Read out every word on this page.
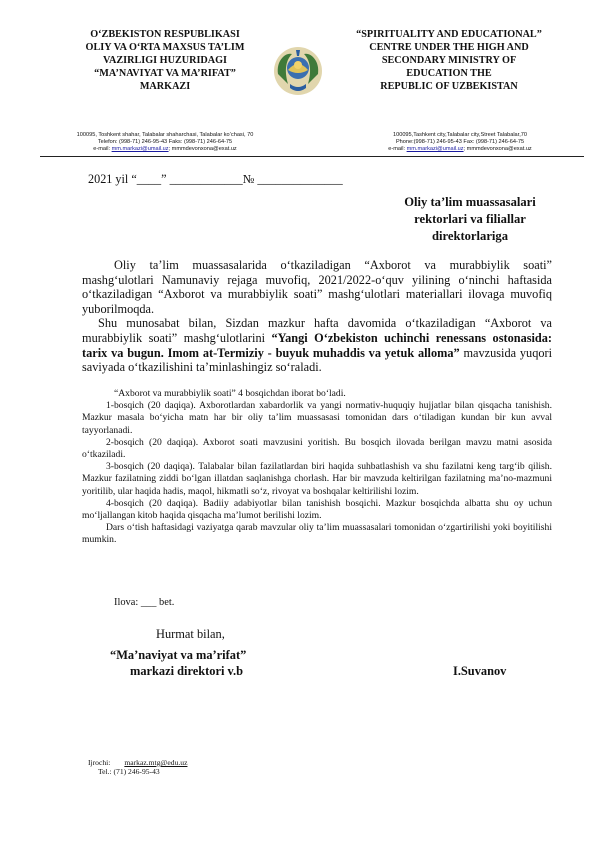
O‘ZBEKISTON RESPUBLIKASI
OLIY VA O‘RTA MAXSUS TA’LIM
VAZIRLIGI HUZURIDAGI
“MA’NAVIYAT VA MA’RIFAT”
MARKAZI
“SPIRITUALITY AND EDUCATIONAL”
CENTRE UNDER THE HIGH AND
SECONDARY MINISTRY OF
EDUCATION THE
REPUBLIC OF UZBEKISTAN
100095, Toshkent shahar, Talabalar shaharchasi, Talabalar ko‘chasi, 70
Telefon: (998-71) 246-95-43 Faks: (998-71) 246-64-75
e-mail: mm.markazi@umail.uz; mmmdevonxona@exat.uz
100095,Tashkent city,Talabalar city,Street Talabalar,70
Phone:(998-71) 246-95-43 Fax: (998-71) 246-64-75
e-mail: mm.markazi@umail.uz; mmmdevonxona@exat.uz
2021 yil “____” ____________№ ______________
Oliy ta’lim muassasalari
rektorlari va filiallar
direktorlariga

Oliy ta’lim muassasalarida o‘tkaziladigan “Axborot va murabbiylik soati” mashg‘ulotlari Namunaviy rejaga muvofiq, 2021/2022-o‘quv yilining o‘ninchi haftasida o‘tkaziladigan “Axborot va murabbiylik soati” mashg‘ulotlari materiallari ilovaga muvofiq yuborilmoqda.

Shu munosabat bilan, Sizdan mazkur hafta davomida o‘tkaziladigan “Axborot va murabbiylik soati” mashg‘ulotlarini “Yangi O‘zbekiston uchinchi renessans ostonasida: tarix va bugun. Imom at-Termiziy - buyuk muhaddis va yetuk alloma” mavzusida yuqori saviyada o‘tkazilishini ta’minlashingiz so‘raladi.

“Axborot va murabbiylik soati” 4 bosqichdan iborat bo‘ladi.

1-bosqich (20 daqiqa). Axborotlardan xabardorlik va yangi normativ-huquqiy hujjatlar bilan qisqacha tanishish. Mazkur masala bo‘yicha matn har bir oliy ta’lim muassasasi tomonidan dars o‘tiladigan kundan bir kun avval tayyorlanadi.

2-bosqich (20 daqiqa). Axborot soati mavzusini yoritish. Bu bosqich ilovada berilgan mavzu matni asosida o‘tkaziladi.

3-bosqich (20 daqiqa). Talabalar bilan fazilatlardan biri haqida suhbatlashish va shu fazilatni keng targ‘ib qilish. Mazkur fazilatning ziddi bo‘lgan illatdan saqlanishga chorlash. Har bir mavzuda keltirilgan fazilatning ma’no-mazmuni yoritilib, ular haqida hadis, maqol, hikmatli so‘z, rivoyat va boshqalar keltirilishi lozim.

4-bosqich (20 daqiqa). Badiiy adabiyotlar bilan tanishish bosqichi. Mazkur bosqichda albatta shu oy uchun mo‘ljallangan kitob haqida qisqacha ma’lumot berilishi lozim.

Dars o‘tish haftasidagi vaziyatga qarab mavzular oliy ta’lim muassasalari tomonidan o‘zgartirilishi yoki boyitilishi mumkin.

Ilova: ___ bet.
Hurmat bilan,
“Ma’naviyat va ma’rifat”
markazi direktori v.b	I.Suvanov
Ijrochi: markaz.mtg@edu.uz
Tel.: (71) 246-95-43
